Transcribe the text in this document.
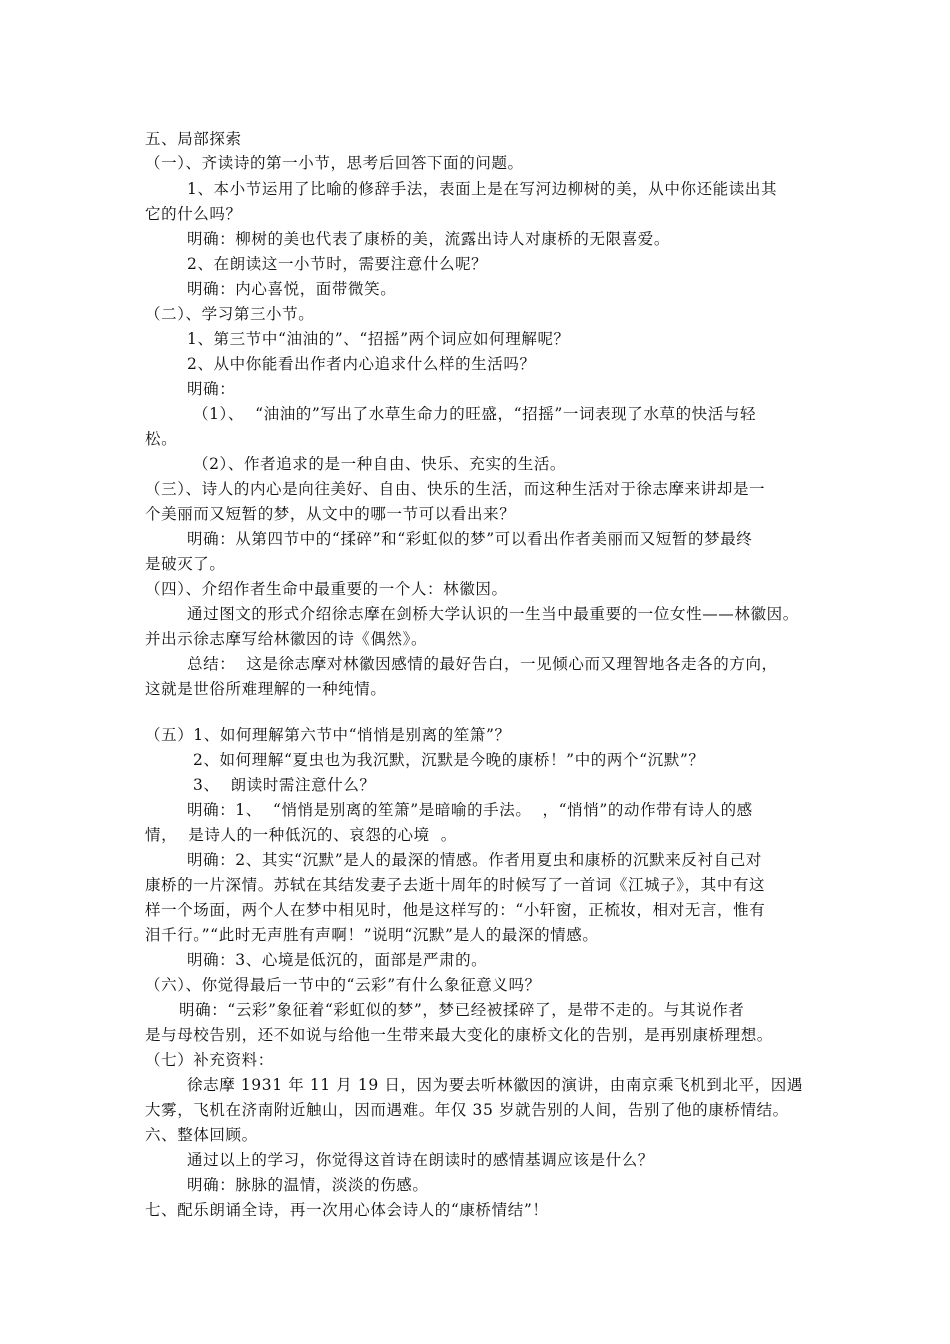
五、局部探索
（一）、齐读诗的第一小节，思考后回答下面的问题。
1、本小节运用了比喻的修辞手法，表面上是在写河边柳树的美，从中你还能读出其
它的什么吗？
明确：柳树的美也代表了康桥的美，流露出诗人对康桥的无限喜爱。
2、在朗读这一小节时，需要注意什么呢？
明确：内心喜悦，面带微笑。
（二）、学习第三小节。
1、第三节中“油油的”、“招摇”两个词应如何理解呢？
2、从中你能看出作者内心追求什么样的生活吗？
明确：
（1）、  “油油的”写出了水草生命力的旺盛，“招摇”一词表现了水草的快活与轻
松。
（2）、作者追求的是一种自由、快乐、充实的生活。
（三）、诗人的内心是向往美好、自由、快乐的生活，而这种生活对于徐志摩来讲却是一
个美丽而又短暂的梦，从文中的哪一节可以看出来？
明确：从第四节中的“揉碎”和“彩虹似的梦”可以看出作者美丽而又短暂的梦最终
是破灭了。
（四）、介绍作者生命中最重要的一个人：林徽因。
通过图文的形式介绍徐志摩在剑桥大学认识的一生当中最重要的一位女性——林徽因。
并出示徐志摩写给林徽因的诗《偶然》。
总结：  这是徐志摩对林徽因感情的最好告白，一见倾心而又理智地各走各的方向，
这就是世俗所难理解的一种纯情。
（五）1、如何理解第六节中“悄悄是别离的笙箫”？
2、如何理解“夏虫也为我沉默，沉默是今晚的康桥！”中的两个“沉默”？
3、  朗读时需注意什么？
明确：1、  “悄悄是别离的笙箫”是暗喻的手法。  ，“悄悄”的动作带有诗人的感
情，  是诗人的一种低沉的、哀怨的心境  。
明确：2、其实“沉默”是人的最深的情感。作者用夏虫和康桥的沉默来反衬自己对
康桥的一片深情。苏轼在其结发妻子去逝十周年的时候写了一首词《江城子》，其中有这
样一个场面，两个人在梦中相见时，他是这样写的：“小轩窗，正梳妆，相对无言，惟有
泪千行。”“此时无声胜有声啊！”说明“沉默”是人的最深的情感。
明确：3、心境是低沉的，面部是严肃的。
（六）、你觉得最后一节中的“云彩”有什么象征意义吗？
明确：“云彩”象征着“彩虹似的梦”，梦已经被揉碎了，是带不走的。与其说作者
是与母校告别，还不如说与给他一生带来最大变化的康桥文化的告别，是再别康桥理想。
（七）补充资料：
徐志摩 1931 年 11 月 19 日，因为要去听林徽因的演讲，由南京乘飞机到北平，因遇
大雾，飞机在济南附近触山，因而遇难。年仅 35 岁就告别的人间，告别了他的康桥情结。
六、整体回顾。
通过以上的学习，你觉得这首诗在朗读时的感情基调应该是什么？
明确：脉脉的温情，淡淡的伤感。
七、配乐朗诵全诗，再一次用心体会诗人的“康桥情结”！
